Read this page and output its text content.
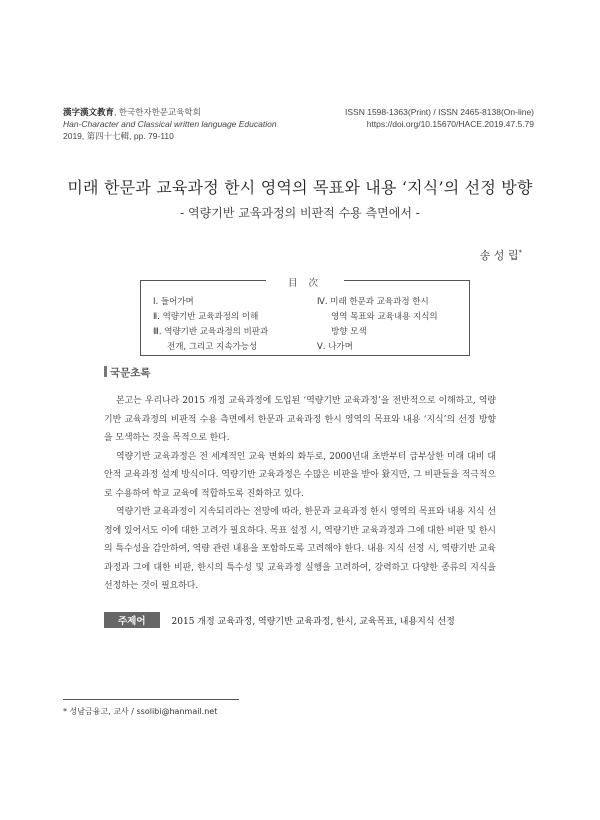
漢字漢文教育, 한국한자한문교육학회
Han-Character and Classical written language Education
2019, 第四十七輯, pp. 79-110
ISSN 1598-1363(Print) / ISSN 2465-8138(On-line)
https://doi.org/10.15670/HACE.2019.47.5.79
미래 한문과 교육과정 한시 영역의 목표와 내용 ‘지식’의 선정 방향
- 역량기반 교육과정의 비판적 수용 측면에서 -
송 성 립*
目 次
Ⅰ. 들어가며
Ⅱ. 역량기반 교육과정의 이해
Ⅲ. 역량기반 교육과정의 비판과
전개, 그리고 지속가능성
Ⅳ. 미래 한문과 교육과정 한시
영역 목표와 교육내용 지식의
방향 모색
Ⅴ. 나가며
국문초록

본고는 우리나라 2015 개정 교육과정에 도입된 ‘역량기반 교육과정’을 전반적으로 이해하고, 역량기반 교육과정의 비판적 수용 측면에서 한문과 교육과정 한시 영역의 목표와 내용 ‘지식’의 선정 방향을 모색하는 것을 목적으로 한다.

역량기반 교육과정은 전 세계적인 교육 변화의 화두로, 2000년대 초반부터 급부상한 미래 대비 대안적 교육과정 설계 방식이다. 역량기반 교육과정은 수많은 비판을 받아 왔지만, 그 비판들을 적극적으로 수용하여 학교 교육에 적합하도록 진화하고 있다.

역량기반 교육과정이 지속되리라는 전망에 따라, 한문과 교육과정 한시 영역의 목표와 내용 지식 선정에 있어서도 이에 대한 고려가 필요하다. 목표 설정 시, 역량기반 교육과정과 그에 대한 비판 및 한시의 특수성을 감안하여, 역량 관련 내용을 포함하도록 고려해야 한다. 내용 지식 선정 시, 역량기반 교육과정과 그에 대한 비판, 한시의 특수성 및 교육과정 실행을 고려하여, 강력하고 다양한 종류의 지식을 선정하는 것이 필요하다.

주제어	2015 개정 교육과정, 역량기반 교육과정, 한시, 교육목표, 내용지식 선정
* 성남금융고, 교사 / ssolibi@hanmail.net
